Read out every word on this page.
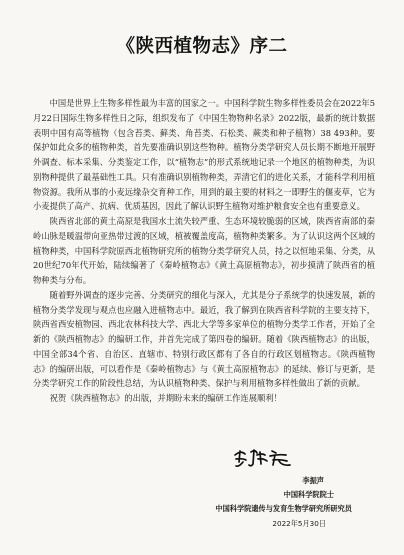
《陕西植物志》序二

中国是世界上生物多样性最为丰富的国家之一。中国科学院生物多样性委员会在2022年5月22日国际生物多样性日之际，组织发布了《中国生物物种名录》2022版，最新的统计数据表明中国有高等植物（包含苔类、藓类、角苔类、石松类、蕨类和种子植物）38 493种。要保护如此众多的植物种类，首先要准确识别这些物种。植物分类学研究人员长期不断地开展野外调查、标本采集、分类鉴定工作，以“植物志”的形式系统地记录一个地区的植物种类，为识别物种提供了最基础性工具。只有准确识别植物种类，弄清它们的进化关系，才能科学利用植物资源。我所从事的小麦远缘杂交育种工作，用到的最主要的材料之一即野生的偃麦草，它为小麦提供了高产、抗病、优质基因，因此了解认识野生植物对维护粮食安全也有重要意义。

陕西省北部的黄土高原是我国水土流失较严重、生态环境较脆弱的区域，陕西省南部的秦岭山脉是暖温带向亚热带过渡的区域，植被覆盖度高，植物种类繁多。为了认识这两个区域的植物种类，中国科学院原西北植物研究所的植物分类学研究人员，持之以恒地采集、分类，从20世纪70年代开始，陆续编著了《秦岭植物志》《黄土高原植物志》，初步摸清了陕西省的植物种类与分布。

随着野外调查的逐步完善、分类研究的细化与深入，尤其是分子系统学的快速发展，新的植物分类学发现与观点也应融入进植物志中。最近，我了解到在陕西省科学院的主要支持下，陕西省西安植物园、西北农林科技大学、西北大学等多家单位的植物分类学工作者，开始了全新的《陕西植物志》的编研工作，并首先完成了第四卷的编研。随着《陕西植物志》的出版，中国全部34个省、自治区、直辖市、特别行政区都有了各自的行政区划植物志。《陕西植物志》的编研出版，可以看作是《秦岭植物志》与《黄土高原植物志》的延续、修订与更新，是分类学研究工作的阶段性总结，为认识植物种类、保护与利用植物多样性做出了新的贡献。

祝贺《陕西植物志》的出版，并期盼未来的编研工作连展顺利！

李振声
中国科学院院士
中国科学院遗传与发育生物学研究所研究员
2022年5月30日
